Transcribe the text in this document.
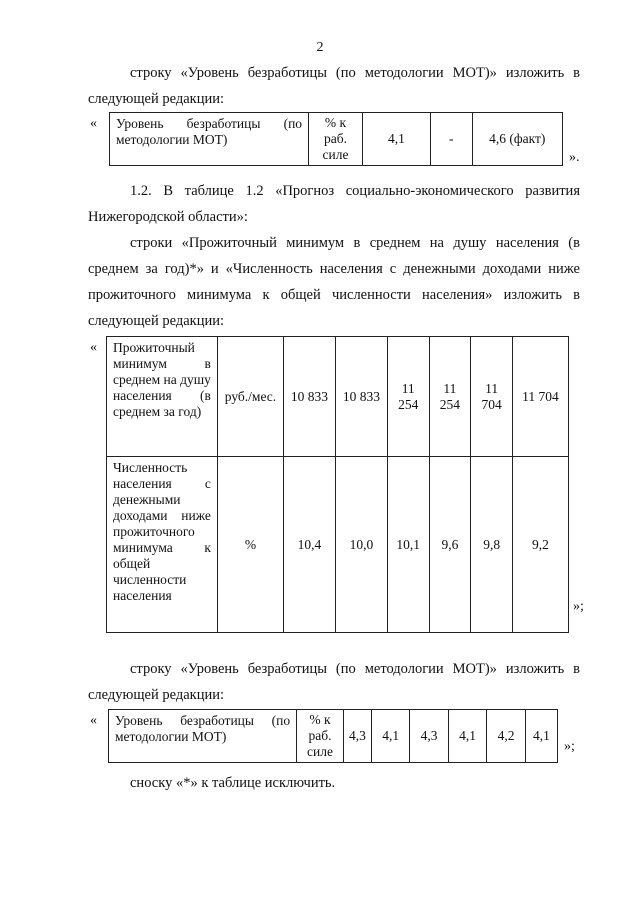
2
строку «Уровень безработицы (по методологии МОТ)» изложить в следующей редакции:
« Уровень безработицы (по методологии МОТ)	% к раб. силе	4,1	-	4,6 (факт)
».
1.2. В таблице 1.2 «Прогноз социально-экономического развития Нижегородской области»:
строки «Прожиточный минимум в среднем на душу населения (в среднем за год)*» и «Численность населения с денежными доходами ниже прожиточного минимума к общей численности населения» изложить в следующей редакции:
« Прожиточный минимум в среднем на душу населения (в среднем за год)	руб./мес.	10 833	10 833	11 254	11 254	11 704	11 704
Численность населения с денежными доходами ниже прожиточного минимума к общей численности населения	%	10,4	10,0	10,1	9,6	9,8	9,2
»;
строку «Уровень безработицы (по методологии МОТ)» изложить в следующей редакции:
« Уровень безработицы (по методологии МОТ)	% к раб. силе	4,3	4,1	4,3	4,1	4,2	4,1
»;
сноску «*» к таблице исключить.
